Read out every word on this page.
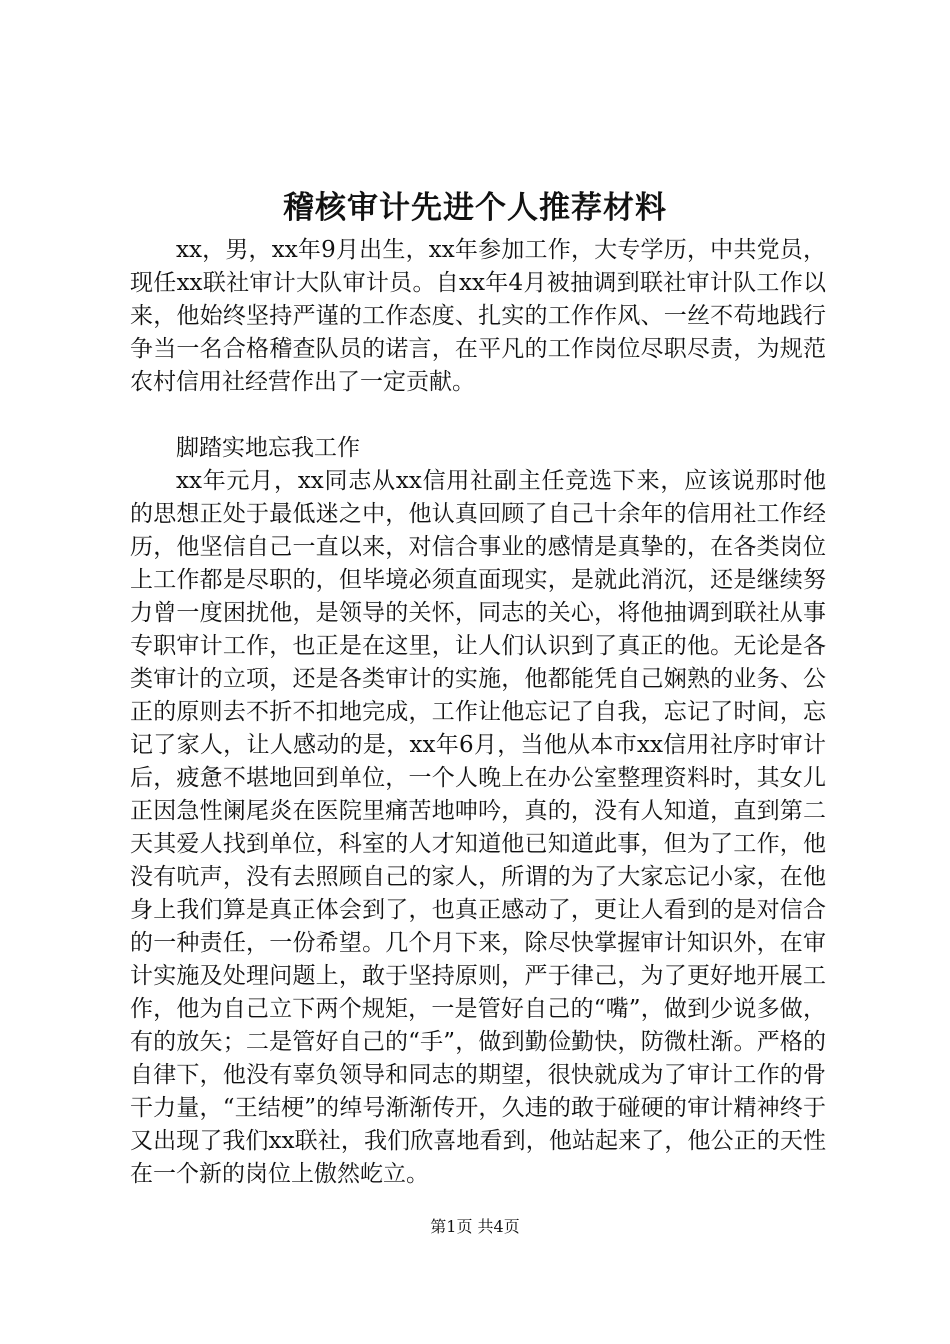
稽核审计先进个人推荐材料

xx，男，xx年9月出生，xx年参加工作，大专学历，中共党员，现任xx联社审计大队审计员。自xx年4月被抽调到联社审计队工作以来，他始终坚持严谨的工作态度、扎实的工作作风、一丝不苟地践行争当一名合格稽查队员的诺言，在平凡的工作岗位尽职尽责，为规范农村信用社经营作出了一定贡献。

脚踏实地忘我工作

xx年元月，xx同志从xx信用社副主任竞选下来，应该说那时他的思想正处于最低迷之中，他认真回顾了自己十余年的信用社工作经历，他坚信自己一直以来，对信合事业的感情是真挚的，在各类岗位上工作都是尽职的，但毕境必须直面现实，是就此消沉，还是继续努力曾一度困扰他，是领导的关怀，同志的关心，将他抽调到联社从事专职审计工作，也正是在这里，让人们认识到了真正的他。无论是各类审计的立项，还是各类审计的实施，他都能凭自己娴熟的业务、公正的原则去不折不扣地完成，工作让他忘记了自我，忘记了时间，忘记了家人，让人感动的是，xx年6月，当他从本市xx信用社序时审计后，疲惫不堪地回到单位，一个人晚上在办公室整理资料时，其女儿正因急性阑尾炎在医院里痛苦地呻吟，真的，没有人知道，直到第二天其爱人找到单位，科室的人才知道他已知道此事，但为了工作，他没有吭声，没有去照顾自己的家人，所谓的为了大家忘记小家，在他身上我们算是真正体会到了，也真正感动了，更让人看到的是对信合的一种责任，一份希望。几个月下来，除尽快掌握审计知识外，在审计实施及处理问题上，敢于坚持原则，严于律己，为了更好地开展工作，他为自己立下两个规矩，一是管好自己的“嘴”，做到少说多做，有的放矢；二是管好自己的“手”，做到勤俭勤快，防微杜渐。严格的自律下，他没有辜负领导和同志的期望，很快就成为了审计工作的骨干力量，“王结梗”的绰号渐渐传开，久违的敢于碰硬的审计精神终于又出现了我们xx联社，我们欣喜地看到，他站起来了，他公正的天性在一个新的岗位上傲然屹立。

第1页 共4页
